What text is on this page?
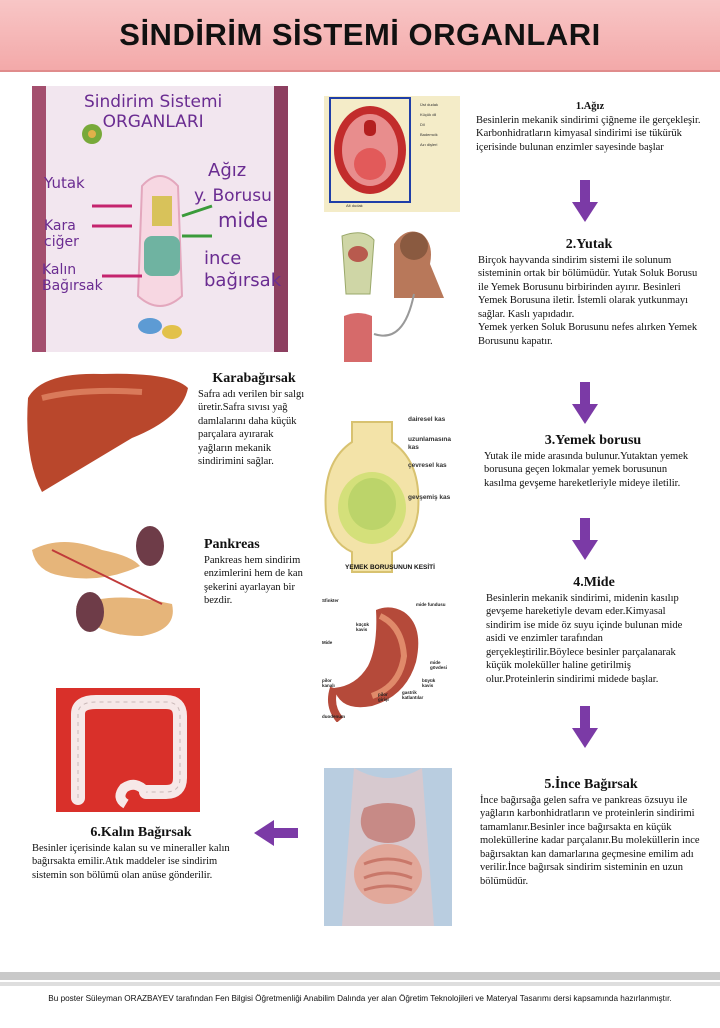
SİNDİRİM SİSTEMİ ORGANLARI
Sindirim Sistemi
ORGANLARI
Yutak
Ağız
y. Borusu
mide
Kara
ciğer
ince
bağırsak
Kalın
Bağırsak
Üst dudak
Küçük dil
Dil
Bademcik
Azı dişleri
Alt dudak
1.Ağız

Besinlerin mekanik sindirimi çiğneme ile gerçekleşir. Karbonhidratların kimyasal sindirimi ise tükürük içerisinde bulunan enzimler sayesinde başlar

2.Yutak

Birçok hayvanda sindirim sistemi ile solunum sisteminin ortak bir bölümüdür. Yutak Soluk Borusu ile Yemek Borusunu birbirinden ayırır. Besinleri Yemek Borusuna iletir. İstemli olarak yutkunmayı sağlar. Kaslı yapıdadır.

Yemek yerken Soluk Borusunu nefes alırken Yemek Borusunu kapatır.

Karabağırsak

Safra adı verilen bir salgı üretir.Safra sıvısı yağ damlalarını daha küçük parçalara ayırarak yağların mekanik sindirimini sağlar.

dairesel kas
uzunlamasına kas
çevresel kas
gevşemiş kas
YEMEK BORUSUNUN KESİTİ
3.Yemek borusu

Yutak ile mide arasında bulunur.Yutaktan yemek borusuna geçen lokmalar yemek borusunun kasılma gevşeme hareketleriyle mideye iletilir.

Pankreas

Pankreas hem sindirim enzimlerini hem de kan şekerini ayarlayan bir bezdir.	Sfinkter
mide fundusu
küçük kavis
Mide
pilor kanalı
pilor girişi
gastrik katlantılar
büyük kavis
mide gövdesi
duodenum
4.Mide

Besinlerin mekanik sindirimi, midenin kasılıp gevşeme hareketiyle devam eder.Kimyasal sindirim ise mide öz suyu içinde bulunan mide asidi ve enzimler tarafından gerçekleştirilir.Böylece besinler parçalanarak küçük moleküller haline getirilmiş olur.Proteinlerin sindirimi midede başlar.

5.İnce Bağırsak

İnce bağırsağa gelen safra ve pankreas özsuyu ile yağların karbonhidratların ve proteinlerin sindirimi tamamlanır.Besinler ince bağırsakta en küçük moleküllerine kadar parçalanır.Bu moleküllerin ince bağırsaktan kan damarlarına geçmesine emilim adı verilir.İnce bağırsak sindirim sisteminin en uzun bölümüdür.

6.Kalın Bağırsak

Besinler içerisinde kalan su ve mineraller kalın bağırsakta emilir.Atık maddeler ise sindirim sistemin son bölümü olan anüse gönderilir.

Bu poster Süleyman ORAZBAYEV tarafından Fen Bilgisi Öğretmenliği Anabilim Dalında yer alan Öğretim Teknolojileri ve Materyal Tasarımı dersi kapsamında hazırlanmıştır.
